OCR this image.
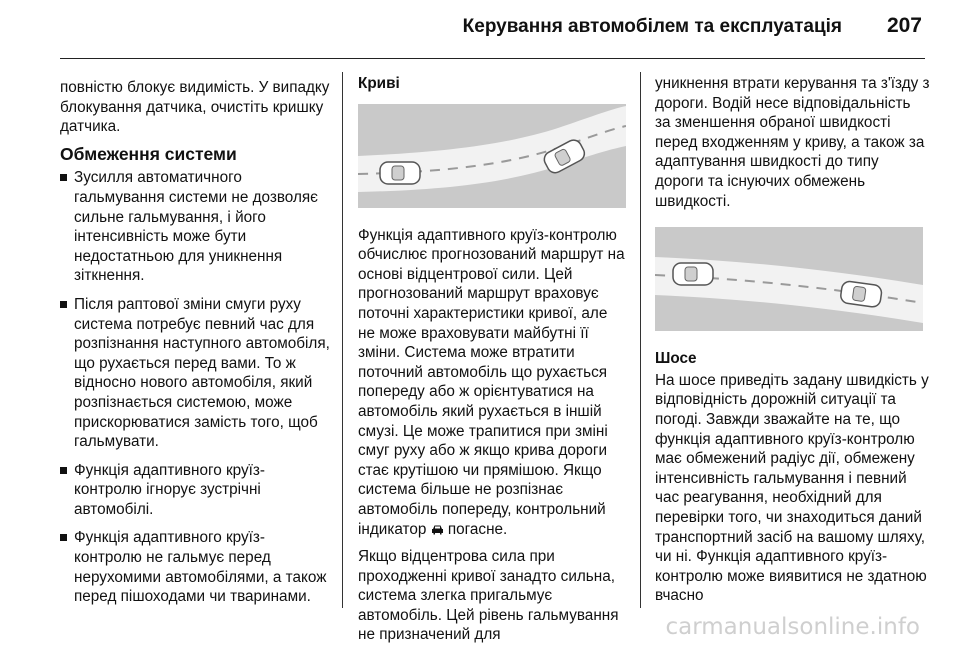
Керування автомобілем та експлуатація 207

повністю блокує видимість. У випадку блокування датчика, очистіть кришку датчика.

Обмеження системи
Зусилля автоматичного гальмування системи не дозволяє сильне гальмування, і його інтенсивність може бути недостатньою для уникнення зіткнення.
Після раптової зміни смуги руху система потребує певний час для розпізнання наступного автомобіля, що рухається перед вами. То ж відносно нового автомобіля, який розпізнається системою, може прискорюватися замість того, щоб гальмувати.
Функція адаптивного круїз-контролю ігнорує зустрічні автомобілі.
Функція адаптивного круїз-контролю не гальмує перед нерухомими автомобілями, а також перед пішоходами чи тваринами.
Криві

Функція адаптивного круїз-контролю обчислює прогнозований маршрут на основі відцентрової сили. Цей прогнозований маршрут враховує поточні характеристики кривої, але не може враховувати майбутні її зміни. Система може втратити поточний автомобіль що рухається попереду або ж орієнтуватися на автомобіль який рухається в іншій смузі. Це може трапитися при зміні смуг руху або ж якщо крива дороги стає крутішою чи прямішою. Якщо система більше не розпізнає автомобіль попереду, контрольний індикатор погасне.

Якщо відцентрова сила при проходженні кривої занадто сильна, система злегка пригальмує автомобіль. Цей рівень гальмування не призначений для

уникнення втрати керування та з'їзду з дороги. Водій несе відповідальність за зменшення обраної швидкості перед входженням у криву, а також за адаптування швидкості до типу дороги та існуючих обмежень швидкості.

Шосе

На шосе приведіть задану швидкість у відповідність дорожній ситуації та погоді. Завжди зважайте на те, що функція адаптивного круїз-контролю має обмежений радіус дії, обмежену інтенсивність гальмування і певний час реагування, необхідний для перевірки того, чи знаходиться даний транспортний засіб на вашому шляху, чи ні. Функція адаптивного круїз-контролю може виявитися не здатною вчасно

carmanualsonline.info
